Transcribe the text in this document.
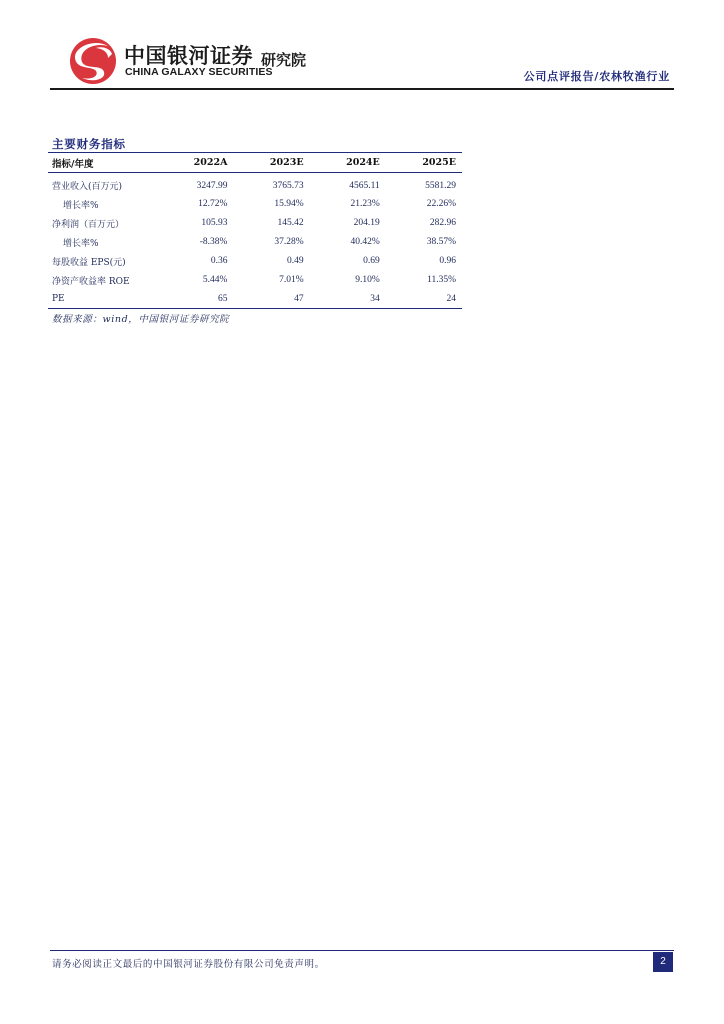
中国银河证券
CHINA GALAXY SECURITIES
研究院
公司点评报告/农林牧渔行业
主要财务指标
指标/年度	2022A	2023E	2024E	2025E
营业收入(百万元)	3247.99	3765.73	4565.11	5581.29
增长率%	12.72%	15.94%	21.23%	22.26%
净利润（百万元）	105.93	145.42	204.19	282.96
增长率%	-8.38%	37.28%	40.42%	38.57%
每股收益 EPS(元)	0.36	0.49	0.69	0.96
净资产收益率 ROE	5.44%	7.01%	9.10%	11.35%
PE	65	47	34	24
数据来源：wind，中国银河证券研究院
请务必阅读正文最后的中国银河证券股份有限公司免责声明。	2
